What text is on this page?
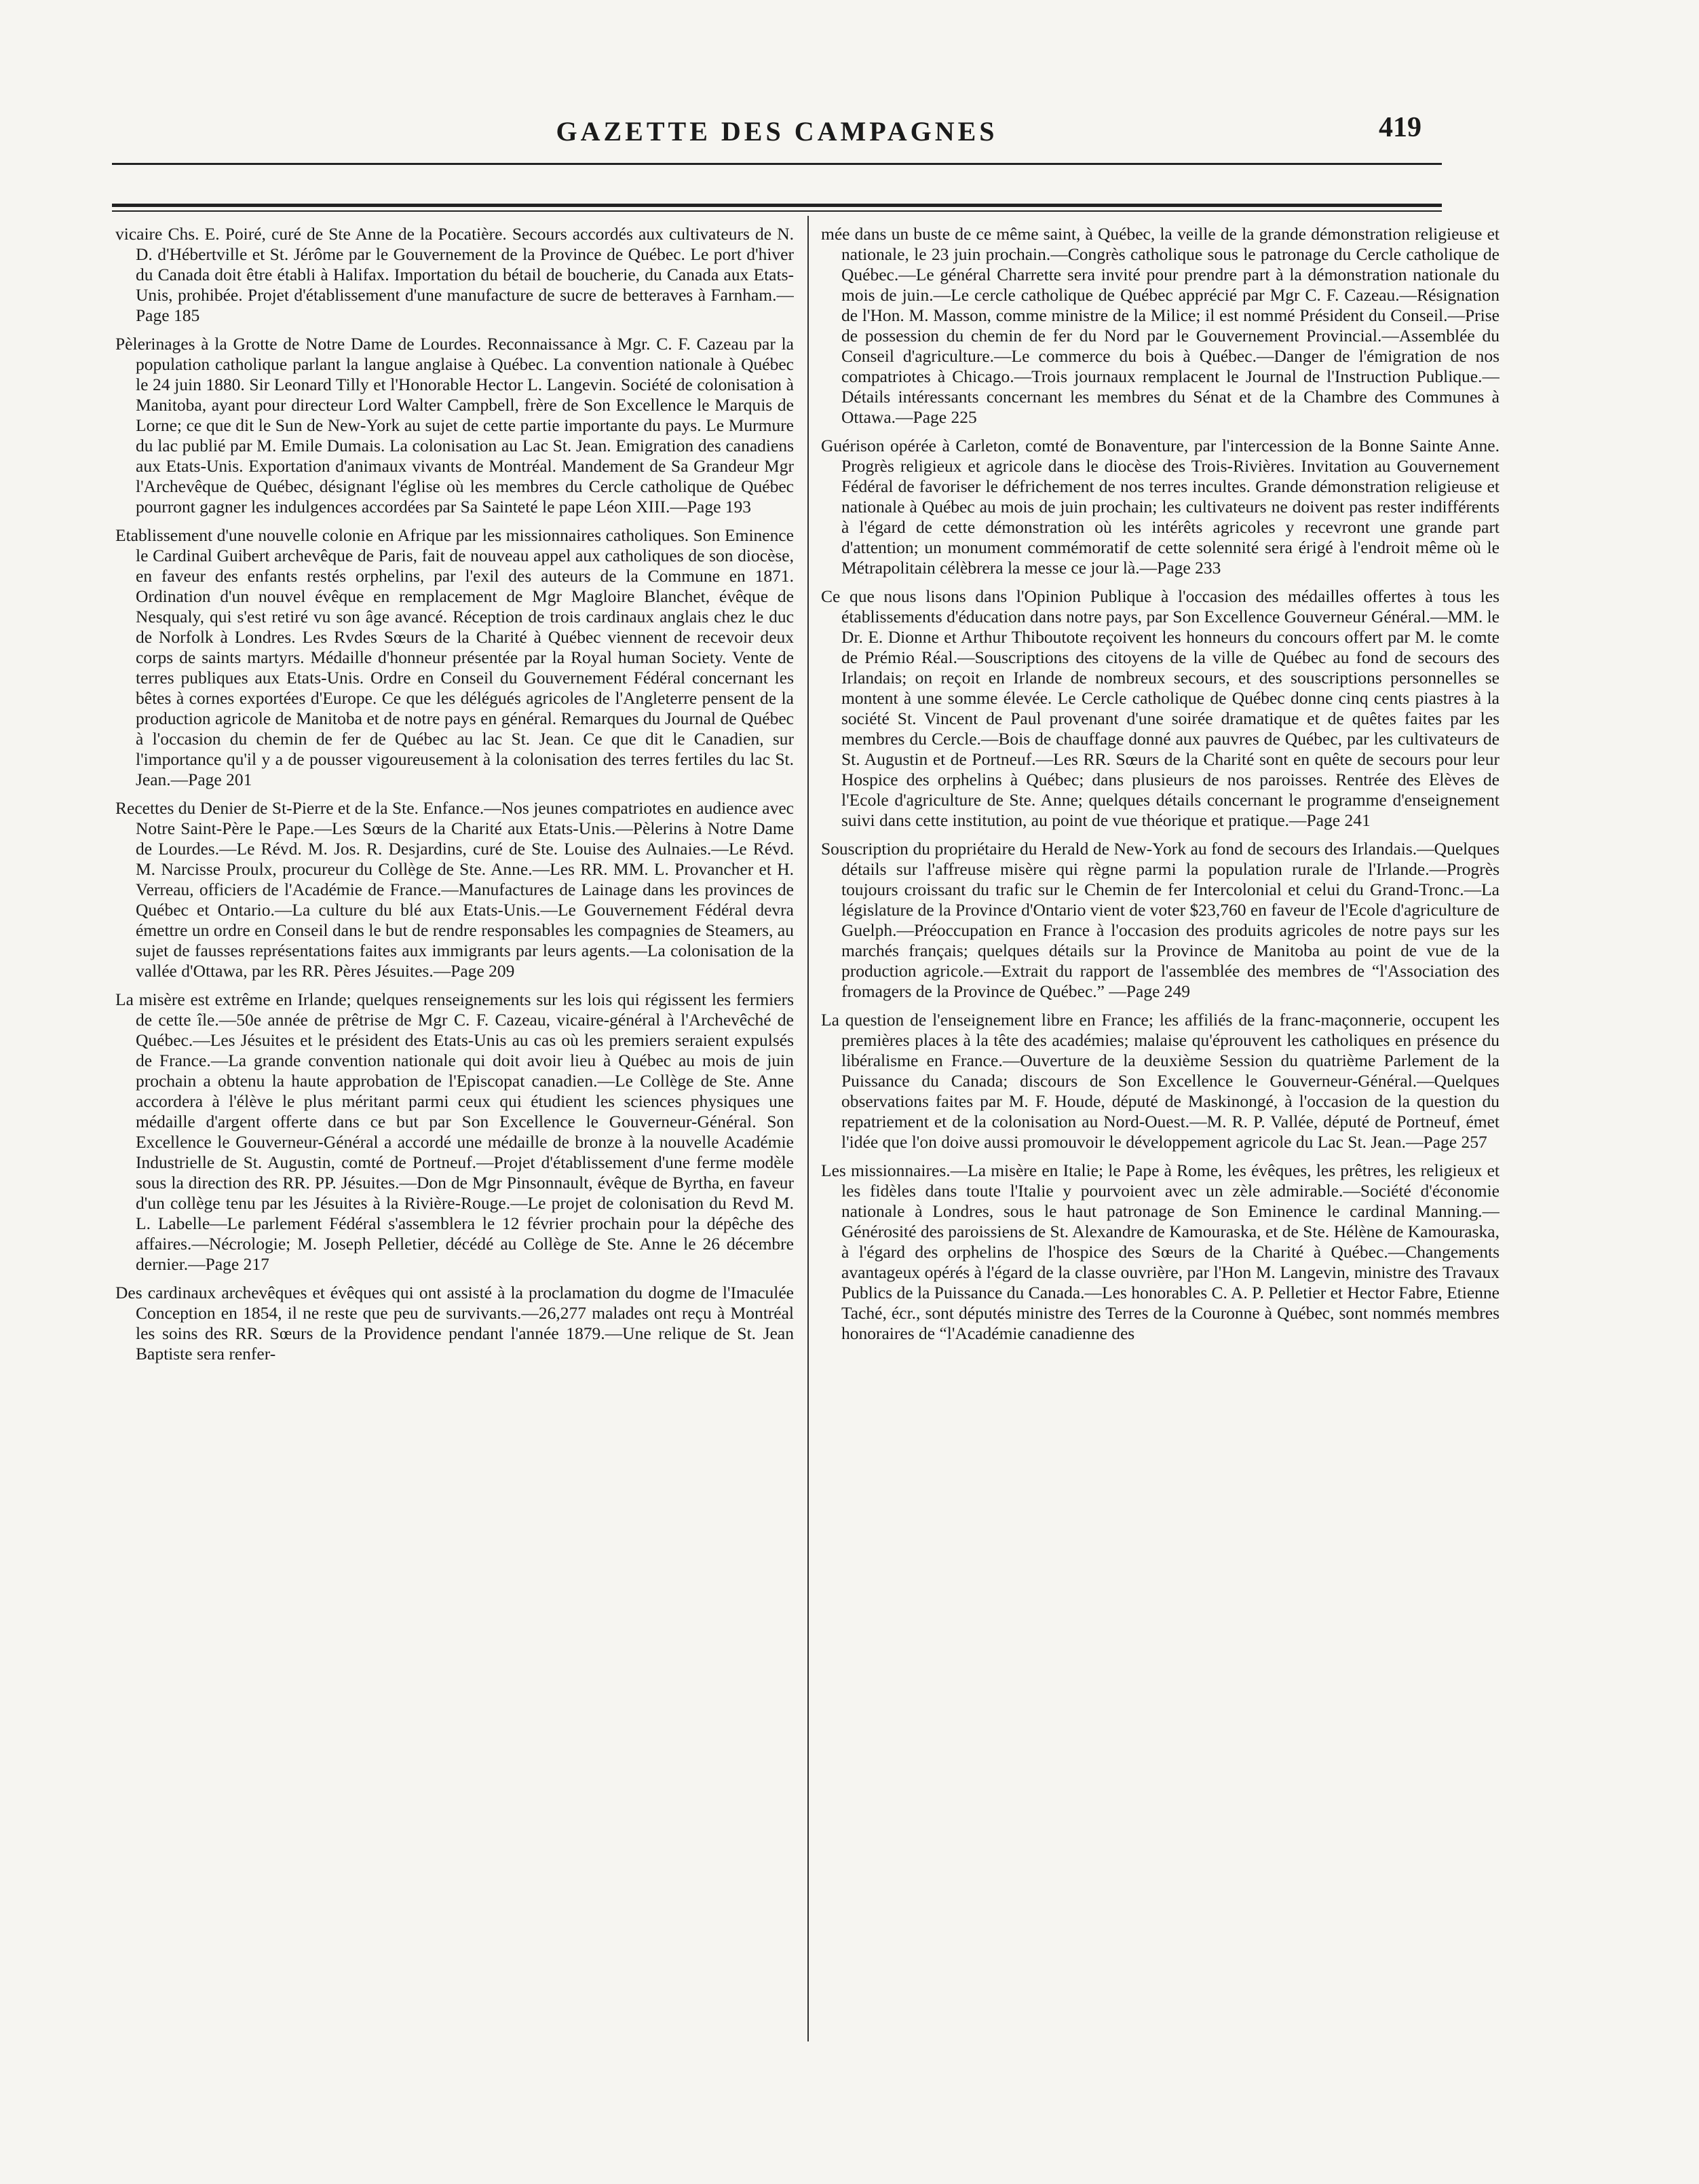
GAZETTE DES CAMPAGNES	419

vicaire Chs. E. Poiré, curé de Ste Anne de la Pocatière. Secours accordés aux cultivateurs de N. D. d'Hébertville et St. Jérôme par le Gouvernement de la Province de Québec. Le port d'hiver du Canada doit être établi à Halifax. Importation du bétail de boucherie, du Canada aux Etats-Unis, prohibée. Projet d'établissement d'une manufacture de sucre de betteraves à Farnham.—Page 185

Pèlerinages à la Grotte de Notre Dame de Lourdes. Reconnaissance à Mgr. C. F. Cazeau par la population catholique parlant la langue anglaise à Québec. La convention nationale à Québec le 24 juin 1880. Sir Leonard Tilly et l'Honorable Hector L. Langevin. Société de colonisation à Manitoba, ayant pour directeur Lord Walter Campbell, frère de Son Excellence le Marquis de Lorne; ce que dit le Sun de New-York au sujet de cette partie importante du pays. Le Murmure du lac publié par M. Emile Dumais. La colonisation au Lac St. Jean. Emigration des canadiens aux Etats-Unis. Exportation d'animaux vivants de Montréal. Mandement de Sa Grandeur Mgr l'Archevêque de Québec, désignant l'église où les membres du Cercle catholique de Québec pourront gagner les indulgences accordées par Sa Sainteté le pape Léon XIII.—Page 193

Etablissement d'une nouvelle colonie en Afrique par les missionnaires catholiques. Son Eminence le Cardinal Guibert archevêque de Paris, fait de nouveau appel aux catholiques de son diocèse, en faveur des enfants restés orphelins, par l'exil des auteurs de la Commune en 1871. Ordination d'un nouvel évêque en remplacement de Mgr Magloire Blanchet, évêque de Nesqualy, qui s'est retiré vu son âge avancé. Réception de trois cardinaux anglais chez le duc de Norfolk à Londres. Les Rvdes Sœurs de la Charité à Québec viennent de recevoir deux corps de saints martyrs. Médaille d'honneur présentée par la Royal human Society. Vente de terres publiques aux Etats-Unis. Ordre en Conseil du Gouvernement Fédéral concernant les bêtes à cornes exportées d'Europe. Ce que les délégués agricoles de l'Angleterre pensent de la production agricole de Manitoba et de notre pays en général. Remarques du Journal de Québec à l'occasion du chemin de fer de Québec au lac St. Jean. Ce que dit le Canadien, sur l'importance qu'il y a de pousser vigoureusement à la colonisation des terres fertiles du lac St. Jean.—Page 201

Recettes du Denier de St-Pierre et de la Ste. Enfance.—Nos jeunes compatriotes en audience avec Notre Saint-Père le Pape.—Les Sœurs de la Charité aux Etats-Unis.—Pèlerins à Notre Dame de Lourdes.—Le Révd. M. Jos. R. Desjardins, curé de Ste. Louise des Aulnaies.—Le Révd. M. Narcisse Proulx, procureur du Collège de Ste. Anne.—Les RR. MM. L. Provancher et H. Verreau, officiers de l'Académie de France.—Manufactures de Lainage dans les provinces de Québec et Ontario.—La culture du blé aux Etats-Unis.—Le Gouvernement Fédéral devra émettre un ordre en Conseil dans le but de rendre responsables les compagnies de Steamers, au sujet de fausses représentations faites aux immigrants par leurs agents.—La colonisation de la vallée d'Ottawa, par les RR. Pères Jésuites.—Page 209

La misère est extrême en Irlande; quelques renseignements sur les lois qui régissent les fermiers de cette île.—50e année de prêtrise de Mgr C. F. Cazeau, vicaire-général à l'Archevêché de Québec.—Les Jésuites et le président des Etats-Unis au cas où les premiers seraient expulsés de France.—La grande convention nationale qui doit avoir lieu à Québec au mois de juin prochain a obtenu la haute approbation de l'Episcopat canadien.—Le Collège de Ste. Anne accordera à l'élève le plus méritant parmi ceux qui étudient les sciences physiques une médaille d'argent offerte dans ce but par Son Excellence le Gouverneur-Général. Son Excellence le Gouverneur-Général a accordé une médaille de bronze à la nouvelle Académie Industrielle de St. Augustin, comté de Portneuf.—Projet d'établissement d'une ferme modèle sous la direction des RR. PP. Jésuites.—Don de Mgr Pinsonnault, évêque de Byrtha, en faveur d'un collège tenu par les Jésuites à la Rivière-Rouge.—Le projet de colonisation du Revd M. L. Labelle—Le parlement Fédéral s'assemblera le 12 février prochain pour la dépêche des affaires.—Nécrologie; M. Joseph Pelletier, décédé au Collège de Ste. Anne le 26 décembre dernier.—Page 217

Des cardinaux archevêques et évêques qui ont assisté à la proclamation du dogme de l'Imaculée Conception en 1854, il ne reste que peu de survivants.—26,277 malades ont reçu à Montréal les soins des RR. Sœurs de la Providence pendant l'année 1879.—Une relique de St. Jean Baptiste sera renfer-

mée dans un buste de ce même saint, à Québec, la veille de la grande démonstration religieuse et nationale, le 23 juin prochain.—Congrès catholique sous le patronage du Cercle catholique de Québec.—Le général Charrette sera invité pour prendre part à la démonstration nationale du mois de juin.—Le cercle catholique de Québec apprécié par Mgr C. F. Cazeau.—Résignation de l'Hon. M. Masson, comme ministre de la Milice; il est nommé Président du Conseil.—Prise de possession du chemin de fer du Nord par le Gouvernement Provincial.—Assemblée du Conseil d'agriculture.—Le commerce du bois à Québec.—Danger de l'émigration de nos compatriotes à Chicago.—Trois journaux remplacent le Journal de l'Instruction Publique.—Détails intéressants concernant les membres du Sénat et de la Chambre des Communes à Ottawa.—Page 225

Guérison opérée à Carleton, comté de Bonaventure, par l'intercession de la Bonne Sainte Anne. Progrès religieux et agricole dans le diocèse des Trois-Rivières. Invitation au Gouvernement Fédéral de favoriser le défrichement de nos terres incultes. Grande démonstration religieuse et nationale à Québec au mois de juin prochain; les cultivateurs ne doivent pas rester indifférents à l'égard de cette démonstration où les intérêts agricoles y recevront une grande part d'attention; un monument commémoratif de cette solennité sera érigé à l'endroit même où le Métrapolitain célèbrera la messe ce jour là.—Page 233

Ce que nous lisons dans l'Opinion Publique à l'occasion des médailles offertes à tous les établissements d'éducation dans notre pays, par Son Excellence Gouverneur Général.—MM. le Dr. E. Dionne et Arthur Thiboutote reçoivent les honneurs du concours offert par M. le comte de Prémio Réal.—Souscriptions des citoyens de la ville de Québec au fond de secours des Irlandais; on reçoit en Irlande de nombreux secours, et des souscriptions personnelles se montent à une somme élevée. Le Cercle catholique de Québec donne cinq cents piastres à la société St. Vincent de Paul provenant d'une soirée dramatique et de quêtes faites par les membres du Cercle.—Bois de chauffage donné aux pauvres de Québec, par les cultivateurs de St. Augustin et de Portneuf.—Les RR. Sœurs de la Charité sont en quête de secours pour leur Hospice des orphelins à Québec; dans plusieurs de nos paroisses. Rentrée des Elèves de l'Ecole d'agriculture de Ste. Anne; quelques détails concernant le programme d'enseignement suivi dans cette institution, au point de vue théorique et pratique.—Page 241

Souscription du propriétaire du Herald de New-York au fond de secours des Irlandais.—Quelques détails sur l'affreuse misère qui règne parmi la population rurale de l'Irlande.—Progrès toujours croissant du trafic sur le Chemin de fer Intercolonial et celui du Grand-Tronc.—La législature de la Province d'Ontario vient de voter $23,760 en faveur de l'Ecole d'agriculture de Guelph.—Préoccupation en France à l'occasion des produits agricoles de notre pays sur les marchés français; quelques détails sur la Province de Manitoba au point de vue de la production agricole.—Extrait du rapport de l'assemblée des membres de “l'Association des fromagers de la Province de Québec.” —Page 249

La question de l'enseignement libre en France; les affiliés de la franc-maçonnerie, occupent les premières places à la tête des académies; malaise qu'éprouvent les catholiques en présence du libéralisme en France.—Ouverture de la deuxième Session du quatrième Parlement de la Puissance du Canada; discours de Son Excellence le Gouverneur-Général.—Quelques observations faites par M. F. Houde, député de Maskinongé, à l'occasion de la question du repatriement et de la colonisation au Nord-Ouest.—M. R. P. Vallée, député de Portneuf, émet l'idée que l'on doive aussi promouvoir le développement agricole du Lac St. Jean.—Page 257

Les missionnaires.—La misère en Italie; le Pape à Rome, les évêques, les prêtres, les religieux et les fidèles dans toute l'Italie y pourvoient avec un zèle admirable.—Société d'économie nationale à Londres, sous le haut patronage de Son Eminence le cardinal Manning.—Générosité des paroissiens de St. Alexandre de Kamouraska, et de Ste. Hélène de Kamouraska, à l'égard des orphelins de l'hospice des Sœurs de la Charité à Québec.—Changements avantageux opérés à l'égard de la classe ouvrière, par l'Hon M. Langevin, ministre des Travaux Publics de la Puissance du Canada.—Les honorables C. A. P. Pelletier et Hector Fabre, Etienne Taché, écr., sont députés ministre des Terres de la Couronne à Québec, sont nommés membres honoraires de “l'Académie canadienne des
